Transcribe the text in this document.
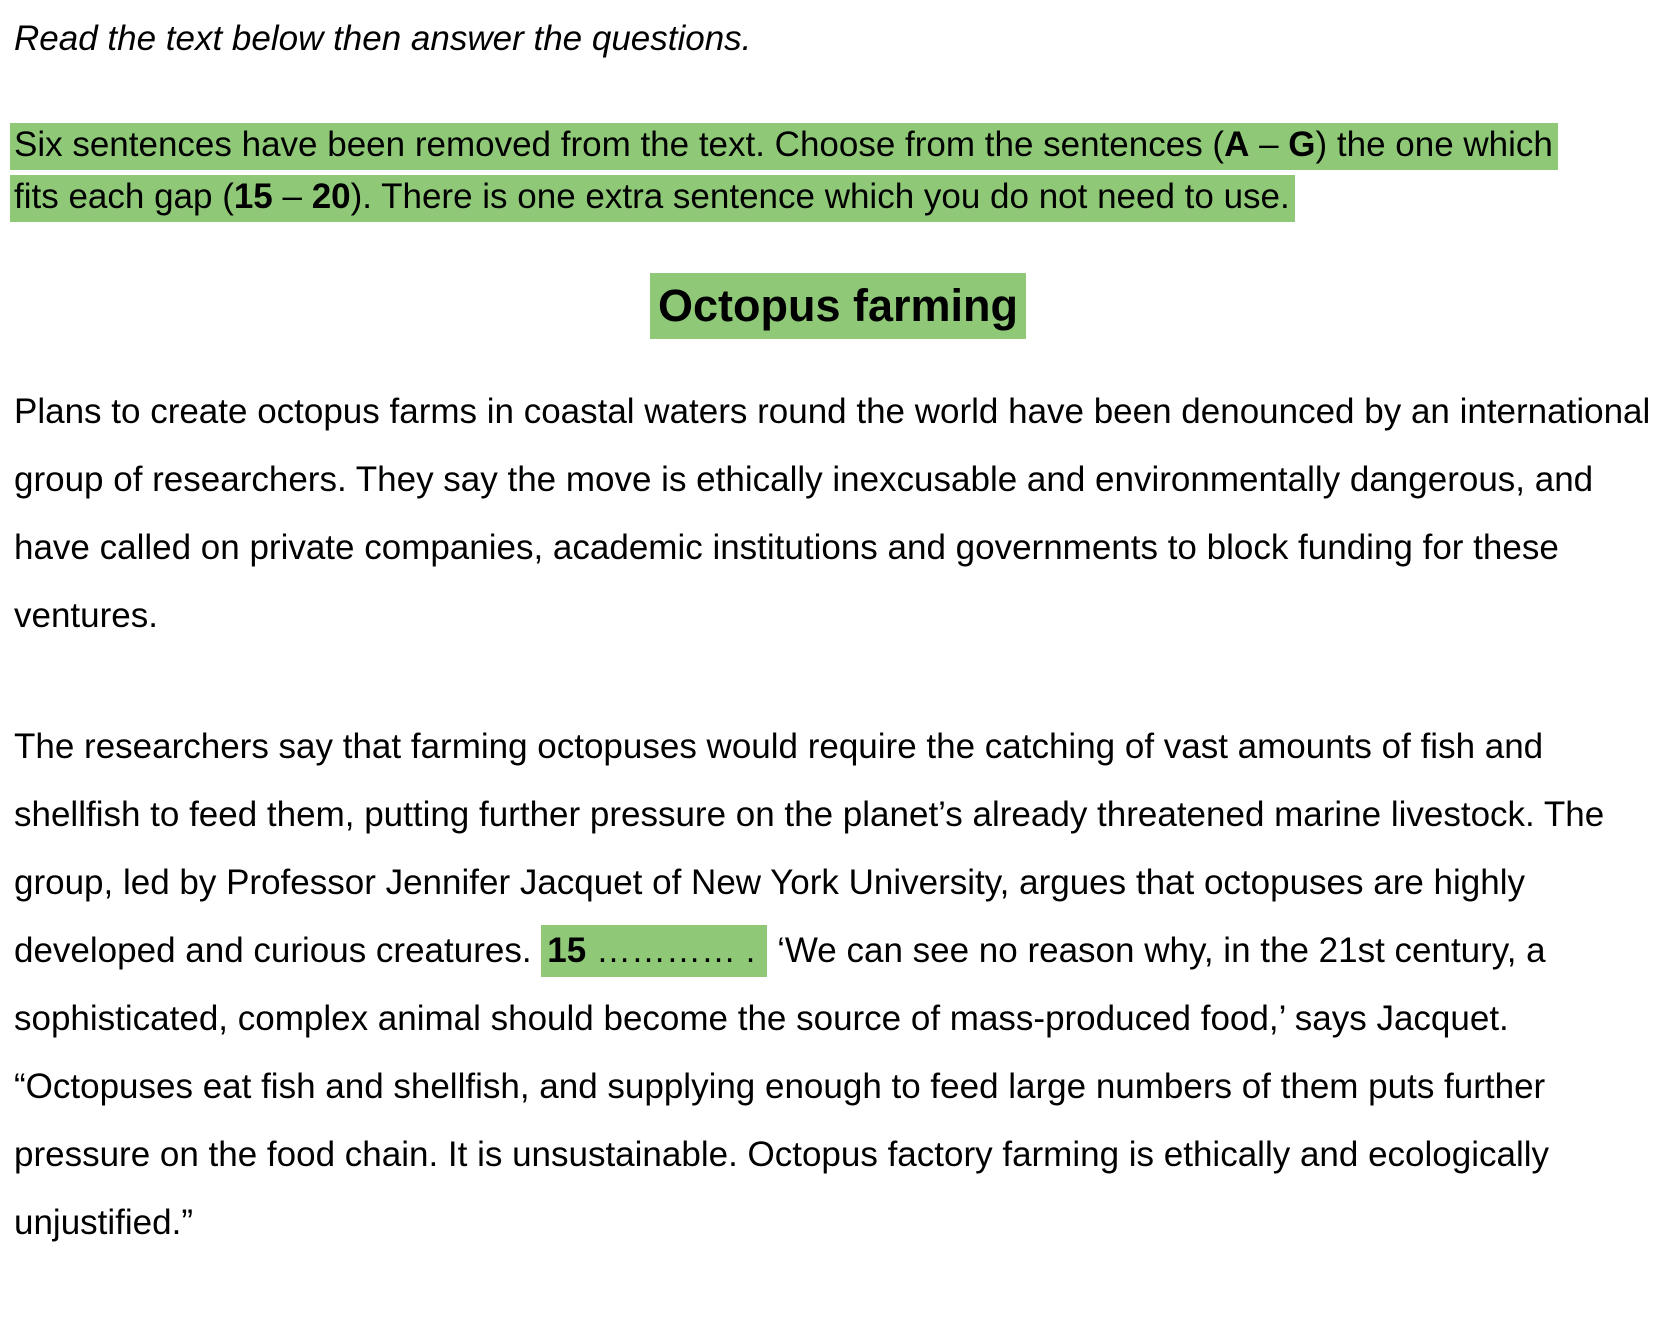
Read the text below then answer the questions.

Six sentences have been removed from the text. Choose from the sentences (A – G) the one which fits each gap (15 – 20). There is one extra sentence which you do not need to use.

Octopus farming

Plans to create octopus farms in coastal waters round the world have been denounced by an international group of researchers. They say the move is ethically inexcusable and environmentally dangerous, and have called on private companies, academic institutions and governments to block funding for these ventures.

The researchers say that farming octopuses would require the catching of vast amounts of fish and shellfish to feed them, putting further pressure on the planet’s already threatened marine livestock. The group, led by Professor Jennifer Jacquet of New York University, argues that octopuses are highly developed and curious creatures. 15 ………… . ‘We can see no reason why, in the 21st century, a sophisticated, complex animal should become the source of mass-produced food,’ says Jacquet. “Octopuses eat fish and shellfish, and supplying enough to feed large numbers of them puts further pressure on the food chain. It is unsustainable. Octopus factory farming is ethically and ecologically unjustified.”
